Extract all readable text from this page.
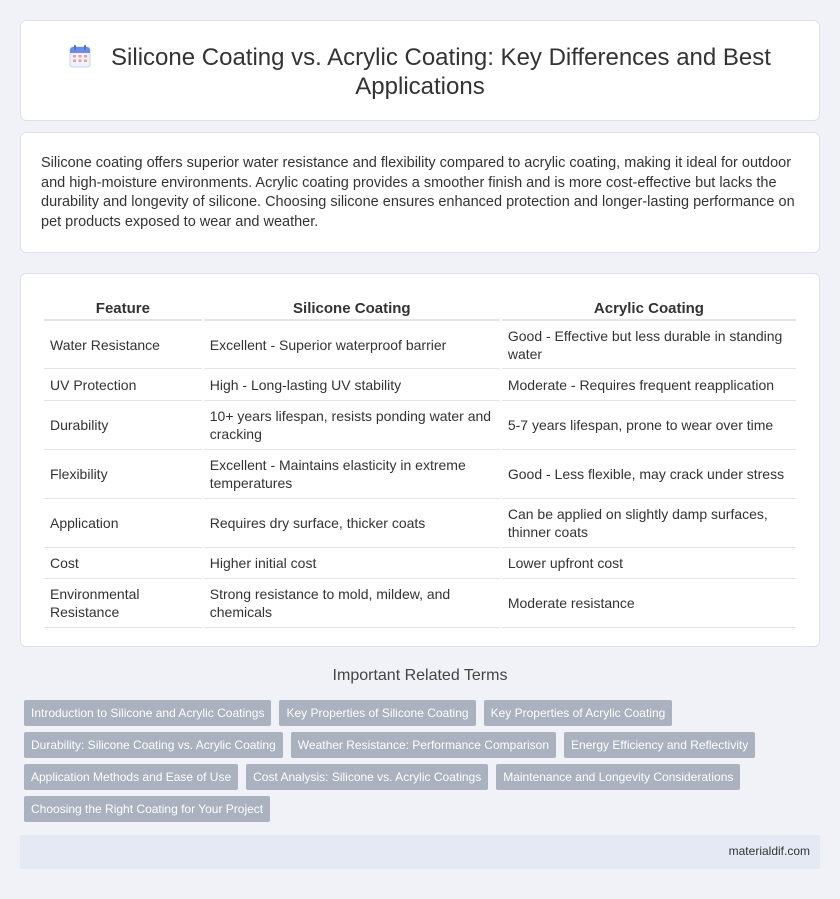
Silicone Coating vs. Acrylic Coating: Key Differences and Best Applications

Silicone coating offers superior water resistance and flexibility compared to acrylic coating, making it ideal for outdoor and high-moisture environments. Acrylic coating provides a smoother finish and is more cost-effective but lacks the durability and longevity of silicone. Choosing silicone ensures enhanced protection and longer-lasting performance on pet products exposed to wear and weather.

Feature	Silicone Coating	Acrylic Coating
Water Resistance	Excellent - Superior waterproof barrier	Good - Effective but less durable in standing water
UV Protection	High - Long-lasting UV stability	Moderate - Requires frequent reapplication
Durability	10+ years lifespan, resists ponding water and cracking	5-7 years lifespan, prone to wear over time
Flexibility	Excellent - Maintains elasticity in extreme temperatures	Good - Less flexible, may crack under stress
Application	Requires dry surface, thicker coats	Can be applied on slightly damp surfaces, thinner coats
Cost	Higher initial cost	Lower upfront cost
Environmental Resistance	Strong resistance to mold, mildew, and chemicals	Moderate resistance
Important Related Terms
Introduction to Silicone and Acrylic Coatings	Key Properties of Silicone Coating	Key Properties of Acrylic Coating
Durability: Silicone Coating vs. Acrylic Coating	Weather Resistance: Performance Comparison	Energy Efficiency and Reflectivity
Application Methods and Ease of Use	Cost Analysis: Silicone vs. Acrylic Coatings	Maintenance and Longevity Considerations
Choosing the Right Coating for Your Project
materialdif.com
